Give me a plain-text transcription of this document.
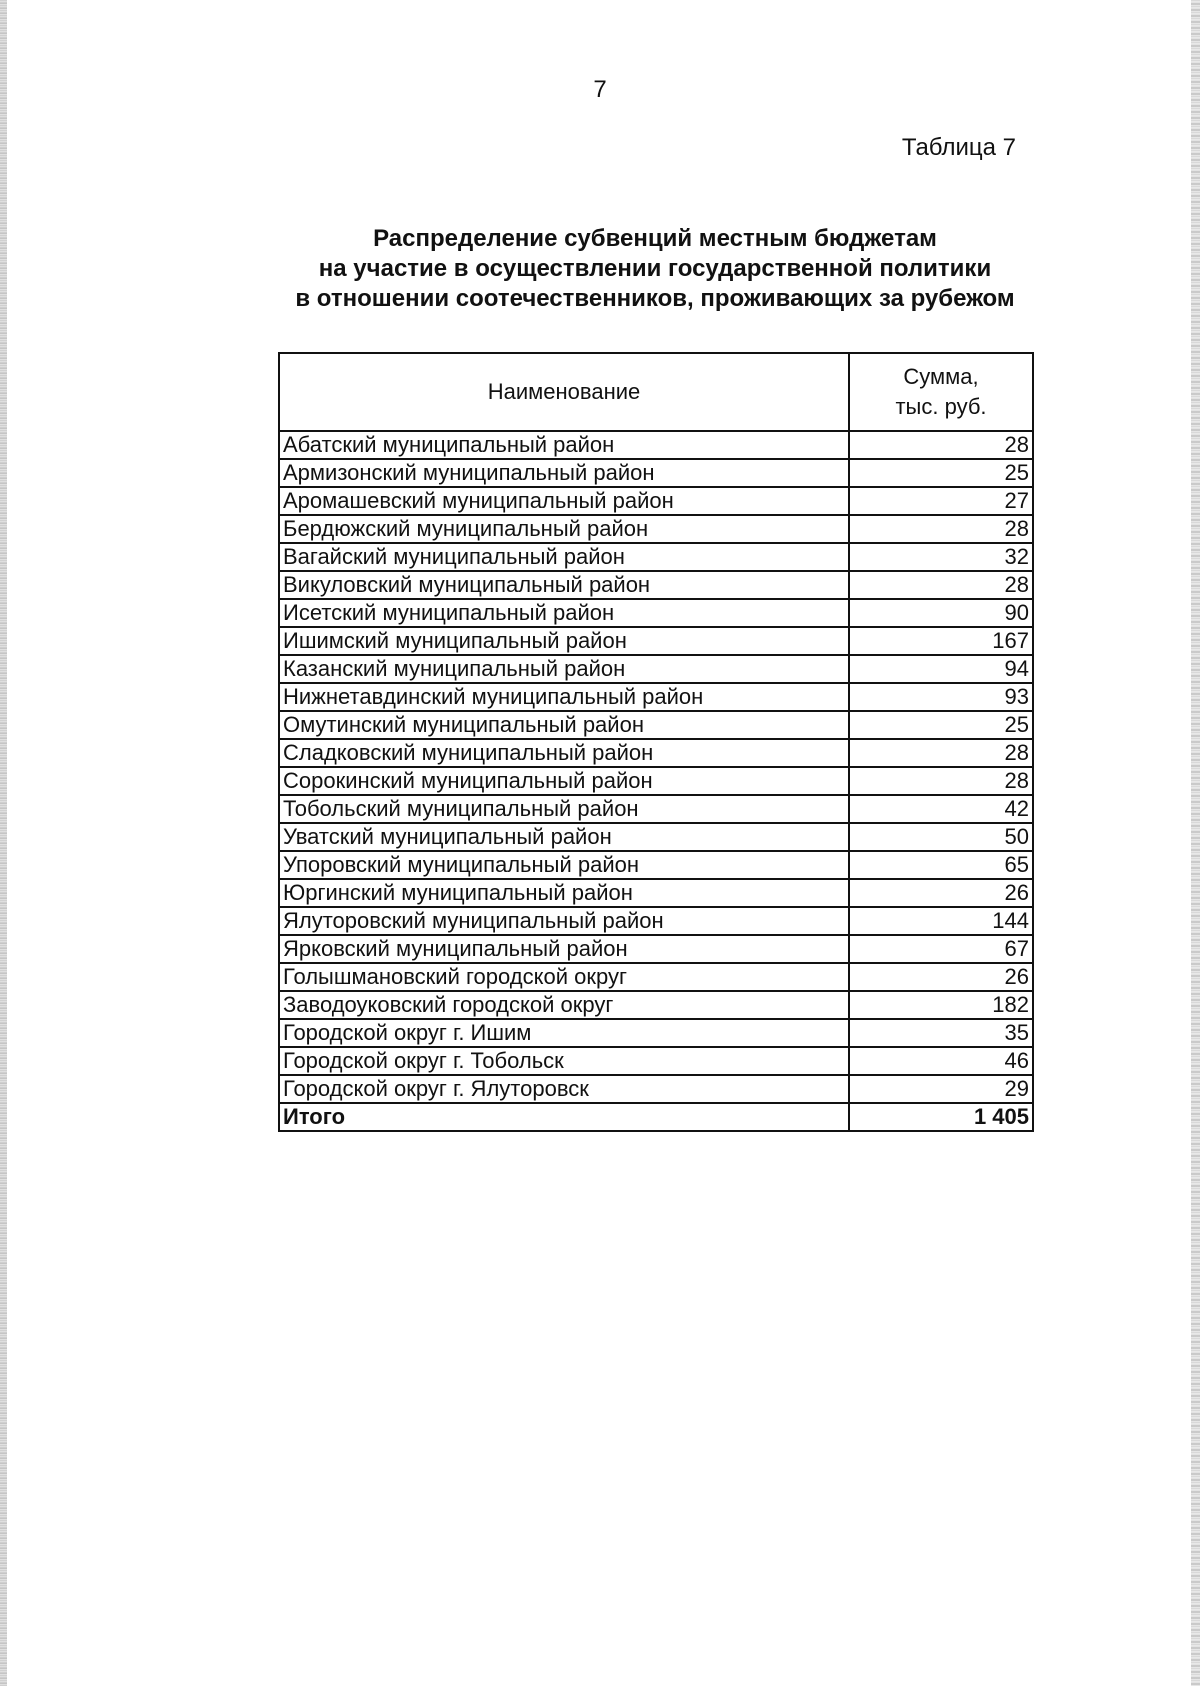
7
Таблица 7
Распределение субвенций местным бюджетам
на участие в осуществлении государственной политики
в отношении соотечественников, проживающих за рубежом
Наименование	Сумма,
тыс. руб.

Абатский муниципальный район	28
Армизонский муниципальный район	25
Аромашевский муниципальный район	27
Бердюжский муниципальный район	28
Вагайский муниципальный район	32
Викуловский муниципальный район	28
Исетский муниципальный район	90
Ишимский муниципальный район	167
Казанский муниципальный район	94
Нижнетавдинский муниципальный район	93
Омутинский муниципальный район	25
Сладковский муниципальный район	28
Сорокинский муниципальный район	28
Тобольский муниципальный район	42
Уватский муниципальный район	50
Упоровский муниципальный район	65
Юргинский муниципальный район	26
Ялуторовский муниципальный район	144
Ярковский муниципальный район	67
Голышмановский городской округ	26
Заводоуковский городской округ	182
Городской округ г. Ишим	35
Городской округ г. Тобольск	46
Городской округ г. Ялуторовск	29
Итого	1 405
